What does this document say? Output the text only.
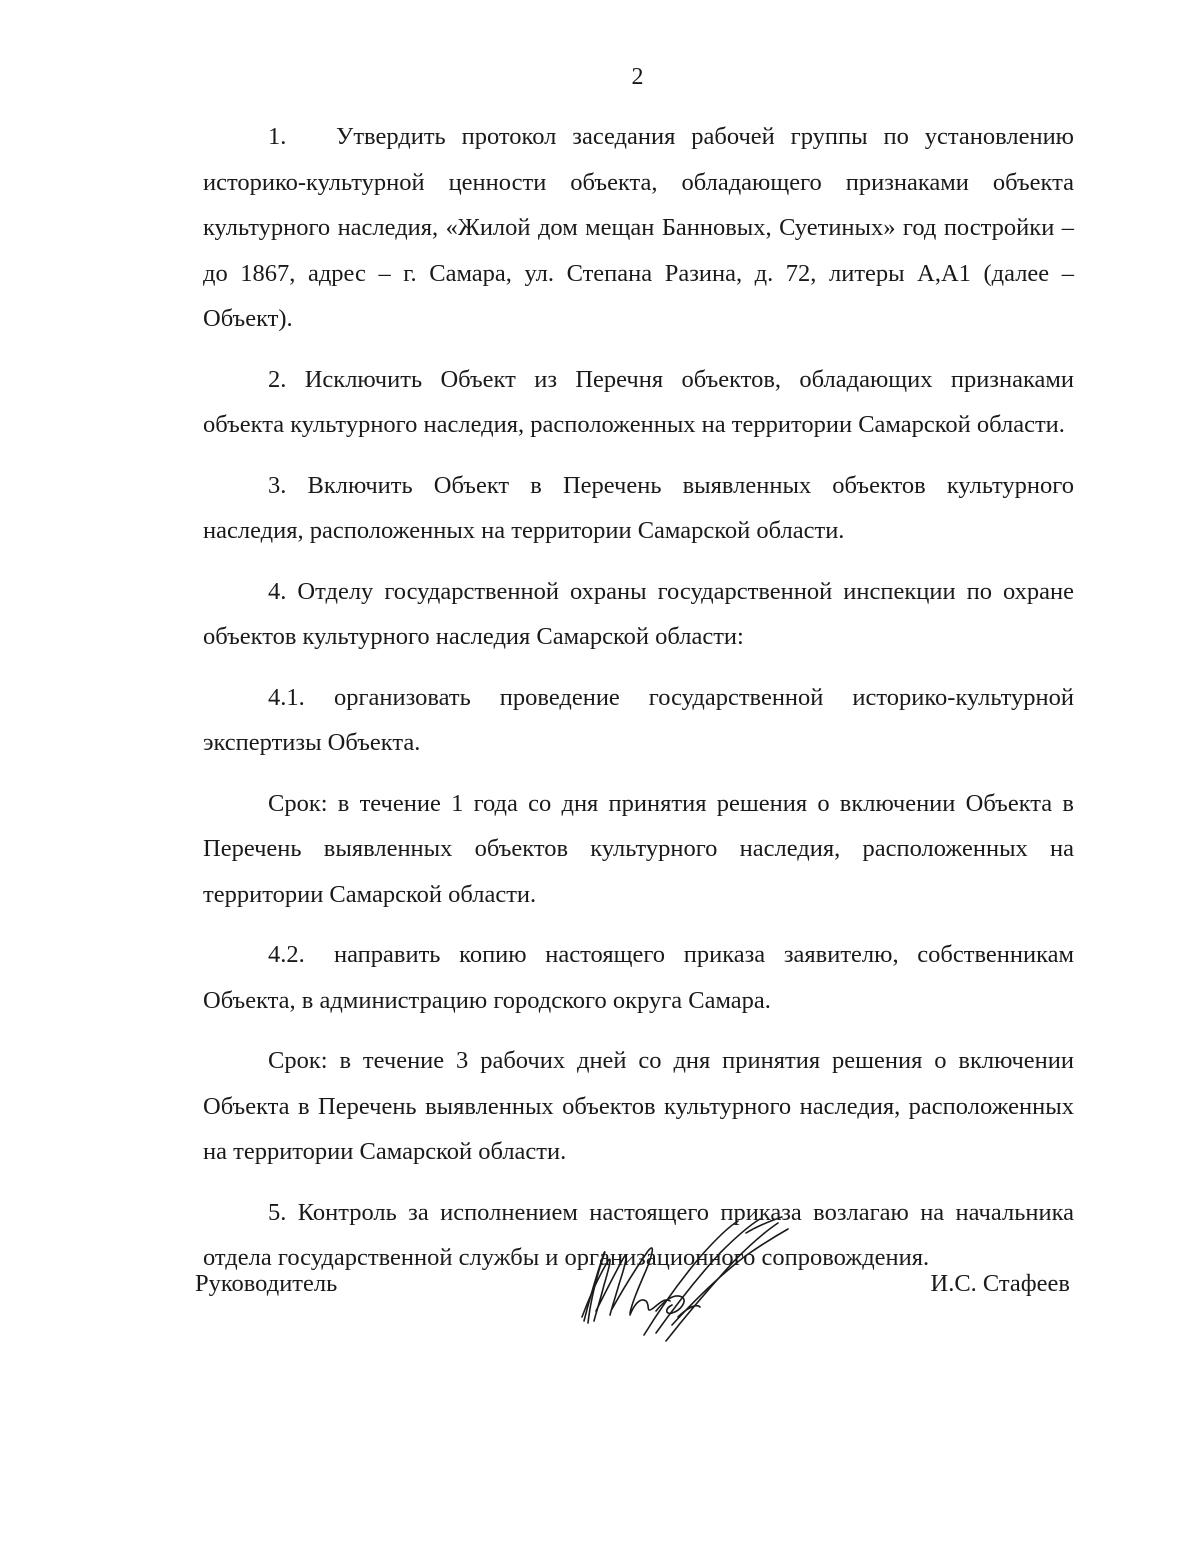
2

1. Утвердить протокол заседания рабочей группы по установлению историко-культурной ценности объекта, обладающего признаками объекта культурного наследия, «Жилой дом мещан Банновых, Суетиных» год постройки – до 1867, адрес – г. Самара, ул. Степана Разина, д. 72, литеры А,А1 (далее – Объект).

2. Исключить Объект из Перечня объектов, обладающих признаками объекта культурного наследия, расположенных на территории Самарской области.

3. Включить Объект в Перечень выявленных объектов культурного наследия, расположенных на территории Самарской области.

4. Отделу государственной охраны государственной инспекции по охране объектов культурного наследия Самарской области:

4.1. организовать проведение государственной историко-культурной экспертизы Объекта.

Срок: в течение 1 года со дня принятия решения о включении Объекта в Перечень выявленных объектов культурного наследия, расположенных на территории Самарской области.

4.2. направить копию настоящего приказа заявителю, собственникам Объекта, в администрацию городского округа Самара.

Срок: в течение 3 рабочих дней со дня принятия решения о включении Объекта в Перечень выявленных объектов культурного наследия, расположенных на территории Самарской области.

5. Контроль за исполнением настоящего приказа возлагаю на начальника отдела государственной службы и организационного сопровождения.

Руководитель	И.С. Стафеев
